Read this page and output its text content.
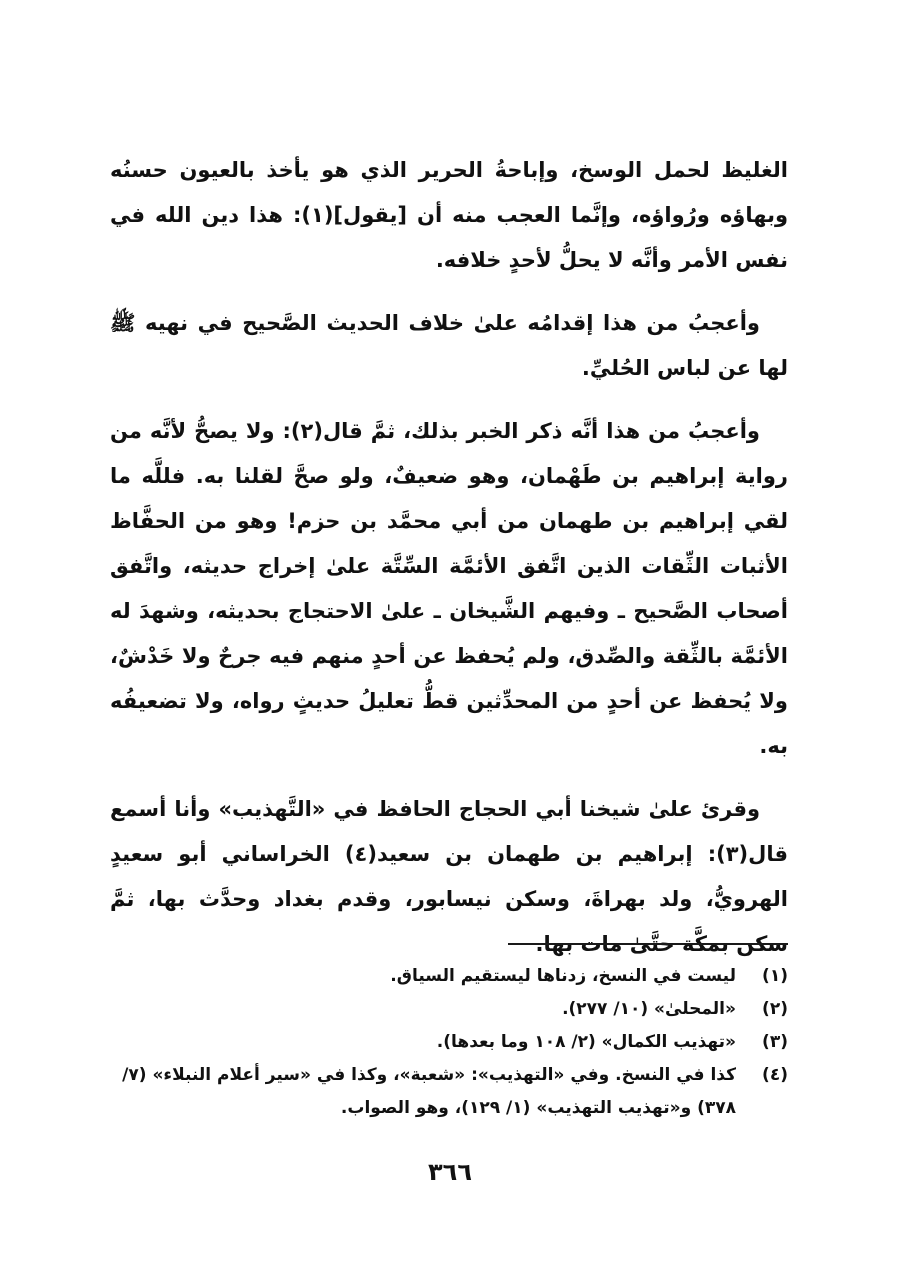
الغليظ لحمل الوسخ، وإباحةُ الحرير الذي هو يأخذ بالعيون حسنُه وبهاؤه ورُواؤه، وإنَّما العجب منه أن [يقول](١): هذا دين الله في نفس الأمر وأنَّه لا يحلُّ لأحدٍ خلافه.

وأعجبُ من هذا إقدامُه علىٰ خلاف الحديث الصَّحيح في نهيه ﷺ لها عن لباس الحُليِّ.

وأعجبُ من هذا أنَّه ذكر الخبر بذلك، ثمَّ قال(٢): ولا يصحُّ لأنَّه من رواية إبراهيم بن طَهْمان، وهو ضعيفٌ، ولو صحَّ لقلنا به. فللَّه ما لقي إبراهيم بن طهمان من أبي محمَّد بن حزم! وهو من الحفَّاظ الأثبات الثِّقات الذين اتَّفق الأئمَّة السِّتَّة علىٰ إخراج حديثه، واتَّفق أصحاب الصَّحيح ـ وفيهم الشَّيخان ـ علىٰ الاحتجاج بحديثه، وشهدَ له الأئمَّة بالثِّقة والصِّدق، ولم يُحفظ عن أحدٍ منهم فيه جرحٌ ولا خَدْشٌ، ولا يُحفظ عن أحدٍ من المحدِّثين قطُّ تعليلُ حديثٍ رواه، ولا تضعيفُه به.

وقرئ علىٰ شيخنا أبي الحجاج الحافظ في «التَّهذيب» وأنا أسمع قال(٣): إبراهيم بن طهمان بن سعيد(٤) الخراساني أبو سعيدٍ الهرويُّ، ولد بهراةَ، وسكن نيسابور، وقدم بغداد وحدَّث بها، ثمَّ سكن بمكَّة حتَّىٰ مات بها.

(١)
ليست في النسخ، زدناها ليستقيم السياق.
(٢)
«المحلىٰ» (١٠/ ٢٧٧).
(٣)
«تهذيب الكمال» (٢/ ١٠٨ وما بعدها).
(٤)
كذا في النسخ. وفي «التهذيب»: «شعبة»، وكذا في «سير أعلام النبلاء» (٧/ ٣٧٨) و«تهذيب التهذيب» (١/ ١٢٩)، وهو الصواب.
٣٦٦
